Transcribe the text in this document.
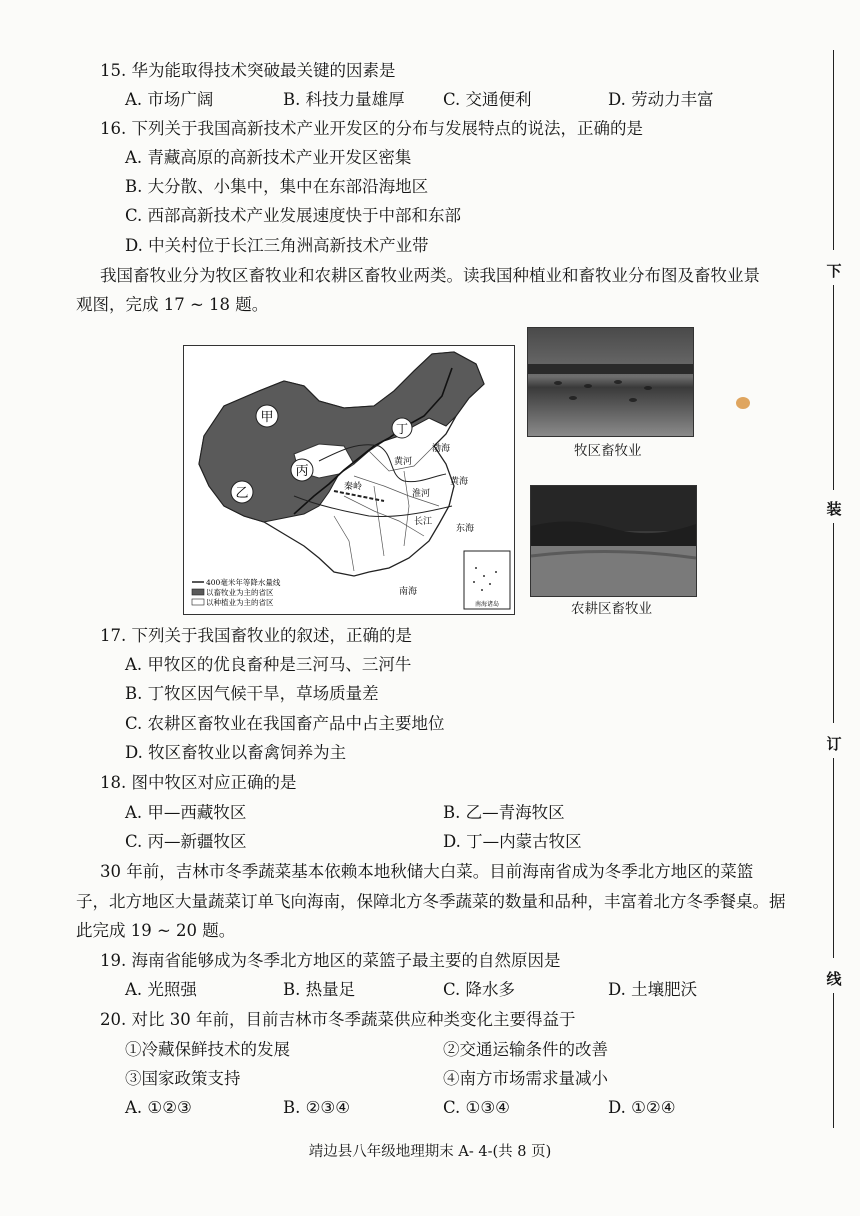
15. 华为能取得技术突破最关键的因素是
A. 市场广阔	B. 科技力量雄厚 C. 交通便利	D. 劳动力丰富
16. 下列关于我国高新技术产业开发区的分布与发展特点的说法，正确的是
A. 青藏高原的高新技术产业开发区密集
B. 大分散、小集中，集中在东部沿海地区
C. 西部高新技术产业发展速度快于中部和东部
D. 中关村位于长江三角洲高新技术产业带
我国畜牧业分为牧区畜牧业和农耕区畜牧业两类。读我国种植业和畜牧业分布图及畜牧业景
观图，完成 17 ~ 18 题。
甲
乙
丙
丁
渤海
黄海
东海
南海
黄河
秦岭
淮河
长江
南海诸岛
400毫米年等降水量线
以畜牧业为主的省区
以种植业为主的省区
牧区畜牧业
农耕区畜牧业
17. 下列关于我国畜牧业的叙述，正确的是
A. 甲牧区的优良畜种是三河马、三河牛
B. 丁牧区因气候干旱，草场质量差
C. 农耕区畜牧业在我国畜产品中占主要地位
D. 牧区畜牧业以畜禽饲养为主
18. 图中牧区对应正确的是
A. 甲—西藏牧区	B. 乙—青海牧区
C. 丙—新疆牧区	D. 丁—内蒙古牧区
30 年前，吉林市冬季蔬菜基本依赖本地秋储大白菜。目前海南省成为冬季北方地区的菜篮
子，北方地区大量蔬菜订单飞向海南，保障北方冬季蔬菜的数量和品种，丰富着北方冬季餐桌。据
此完成 19 ~ 20 题。
19. 海南省能够成为冬季北方地区的菜篮子最主要的自然原因是
A. 光照强	B. 热量足	C. 降水多	D. 土壤肥沃
20. 对比 30 年前，目前吉林市冬季蔬菜供应种类变化主要得益于
①冷藏保鲜技术的发展	②交通运输条件的改善
③国家政策支持	④南方市场需求量减小
A. ①②③	B. ②③④	C. ①③④	D. ①②④
下
装
订
线
靖边县八年级地理期末 A- 4-(共 8 页)
